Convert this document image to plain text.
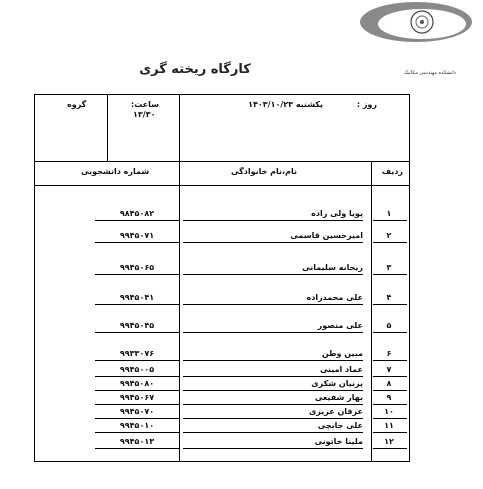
دانشکده مهندسی مکانیک
کارگاه ریخته گری
روز :
یکشنبه ۱۴۰۳/۱۰/۲۳
ساعت:
۱۳/۳۰
گروه
ردیف
نام،نام خانوادگی
شماره دانشجویی
۱
پویا ولی زاده
۹۸۴۵۰۸۲
۲
امیرحسین قاسمی
۹۹۴۵۰۷۱
۳
ریحانه سلیمانی
۹۹۴۵۰۶۵
۴
علی محمدزاده
۹۹۴۵۰۴۱
۵
علی منصور
۹۹۴۵۰۴۵
۶
مبین وطن
۹۹۳۳۰۷۶
۷
عماد امینی
۹۹۴۵۰۰۵
۸
پرنیان شکری
۹۹۴۵۰۸۰
۹
بهار شفیعی
۹۹۴۵۰۶۷
۱۰
عرفان عزیزی
۹۹۴۵۰۷۰
۱۱
علی جابچی
۹۹۴۵۰۱۰
۱۲
ملینا خاتونی
۹۹۴۵۰۱۳
